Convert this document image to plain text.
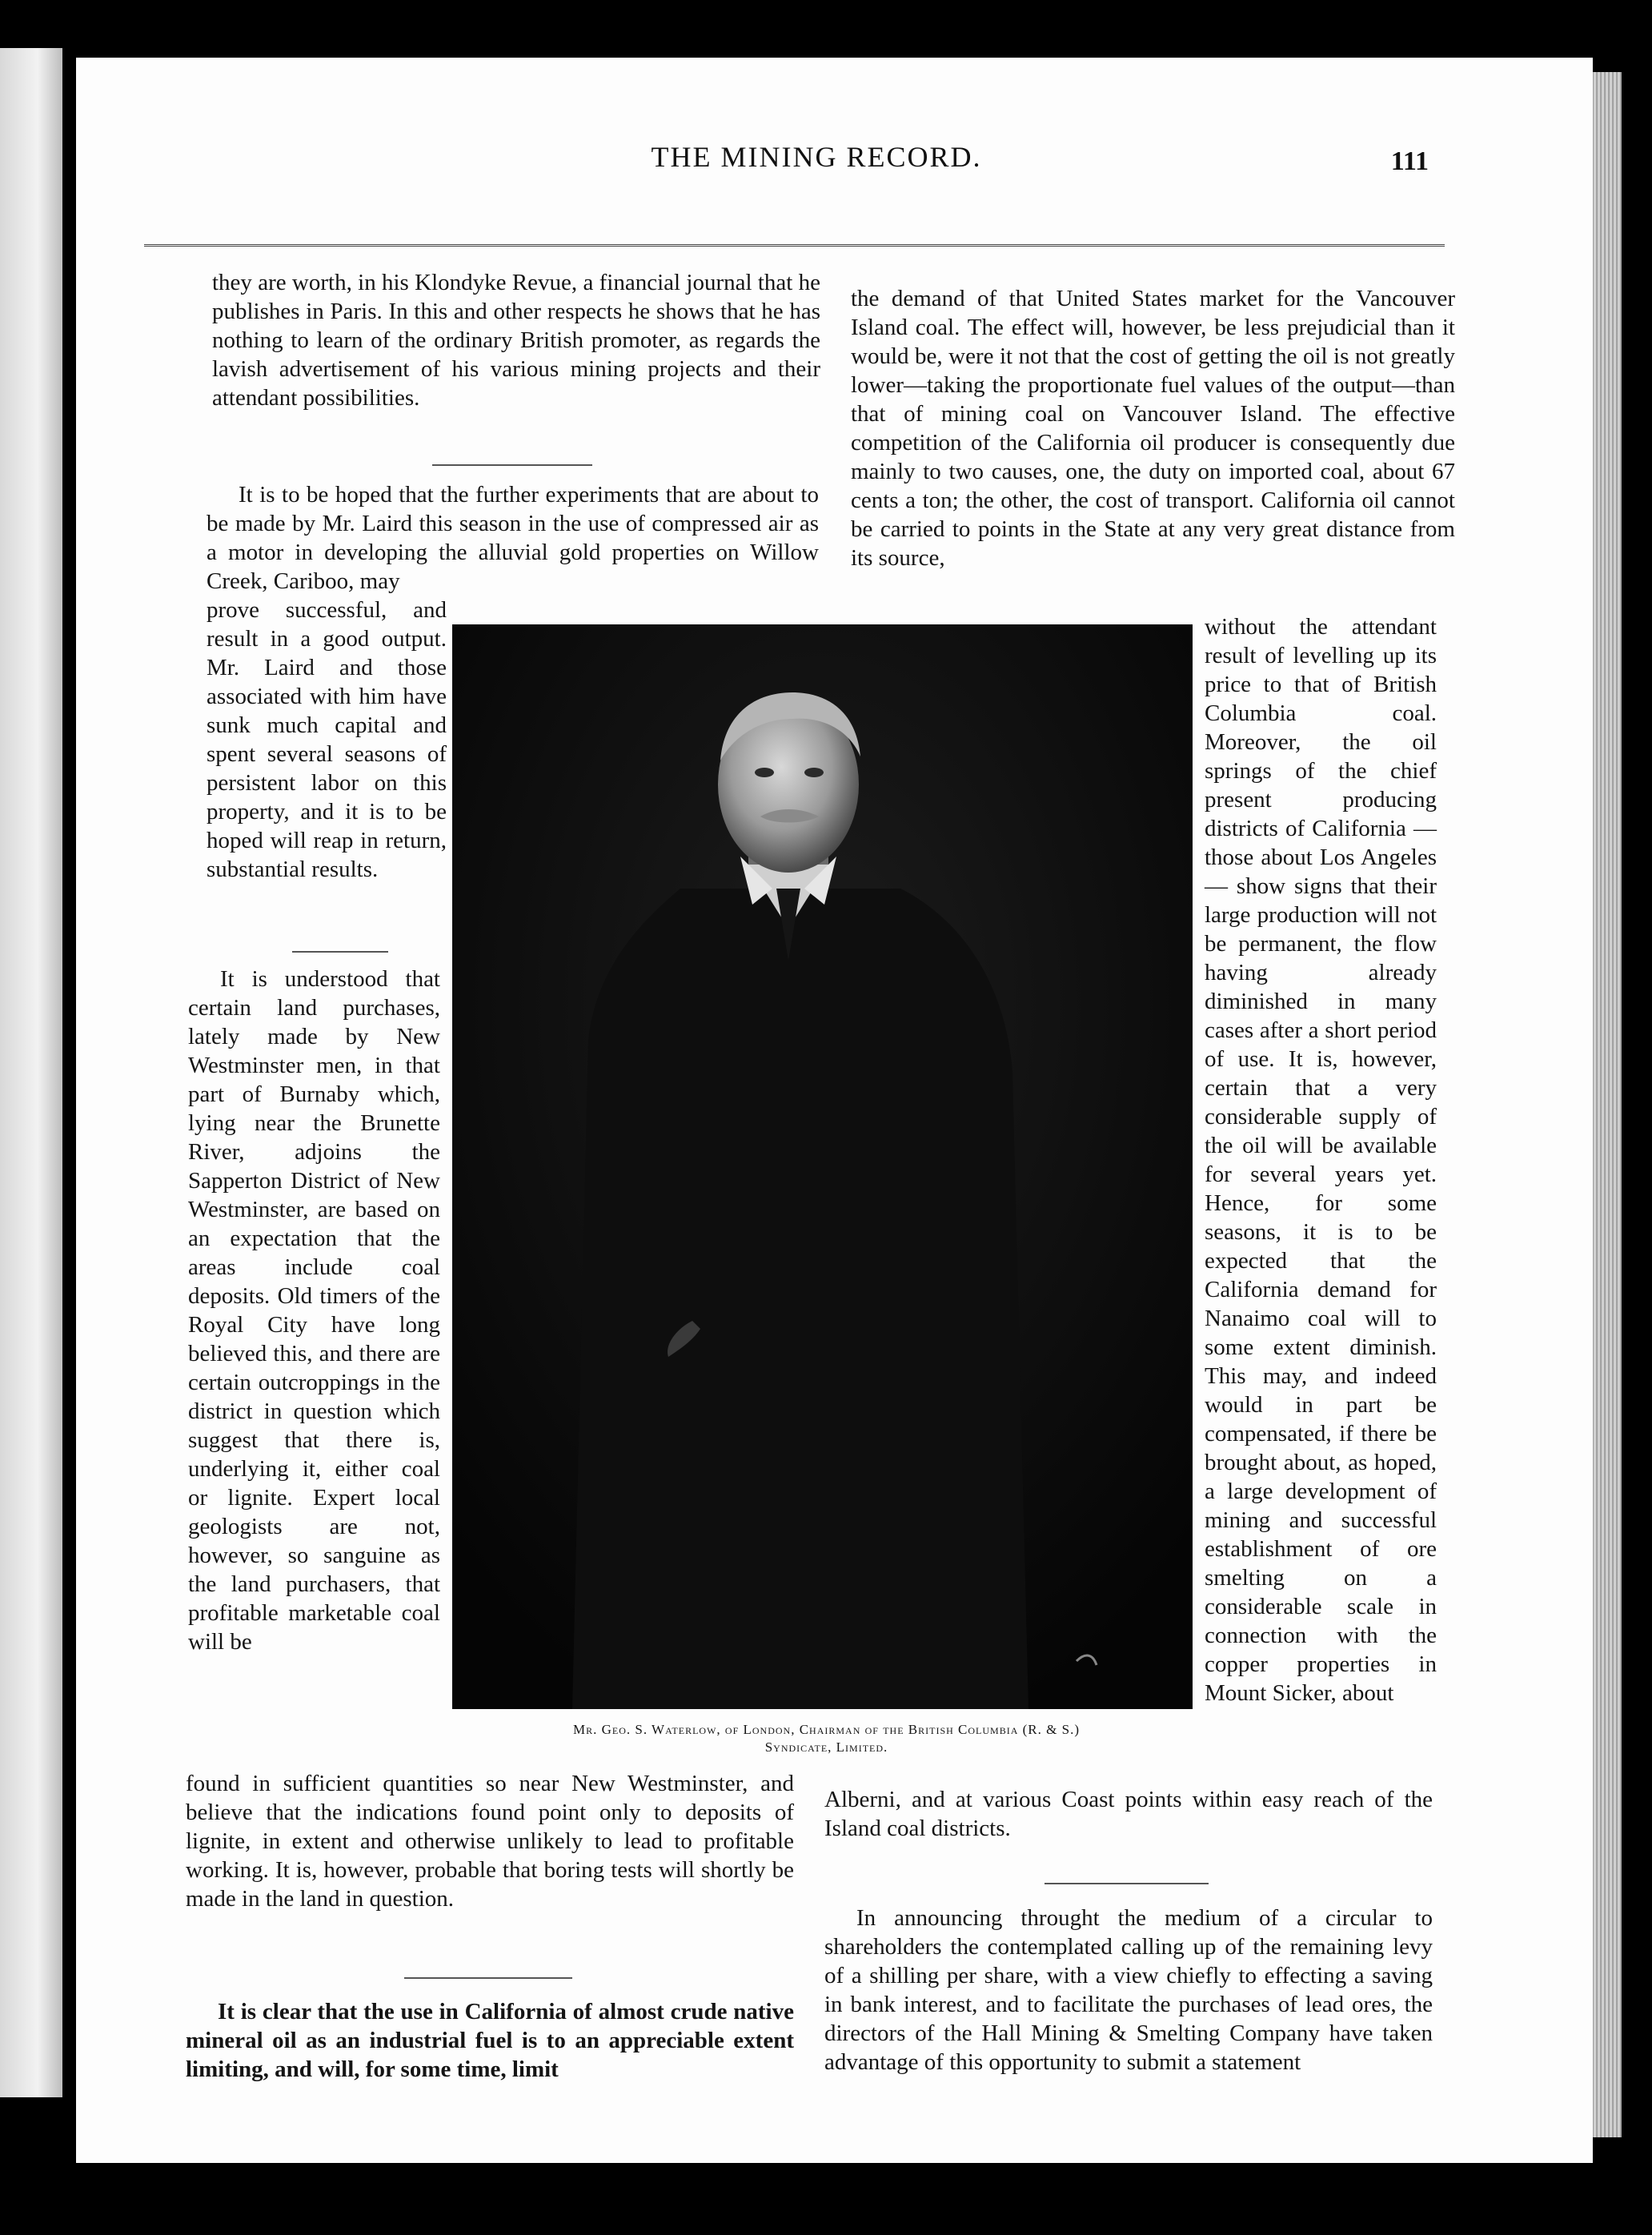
THE MINING RECORD.	111

they are worth, in his Klondyke Revue, a financial journal that he publishes in Paris. In this and other respects he shows that he has nothing to learn of the ordinary British promoter, as regards the lavish advertisement of his various mining projects and their attendant possibilities.

It is to be hoped that the further experiments that are about to be made by Mr. Laird this season in the use of compressed air as a motor in developing the alluvial gold properties on Willow Creek, Cariboo, may

prove successful, and result in a good output. Mr. Laird and those associated with him have sunk much capital and spent several seasons of persistent labor on this property, and it is to be hoped will reap in return, substantial results.

It is understood that certain land purchases, lately made by New Westminster men, in that part of Burnaby which, lying near the Brunette River, adjoins the Sapperton District of New Westminster, are based on an expectation that the areas include coal deposits. Old timers of the Royal City have long believed this, and there are certain outcroppings in the district in question which suggest that there is, underlying it, either coal or lignite. Expert local geologists are not, however, so sanguine as the land purchasers, that profitable marketable coal will be

found in sufficient quantities so near New Westminster, and believe that the indications found point only to deposits of lignite, in extent and otherwise unlikely to lead to profitable working. It is, however, probable that boring tests will shortly be made in the land in question.

It is clear that the use in California of almost crude native mineral oil as an industrial fuel is to an appreciable extent limiting, and will, for some time, limit

the demand of that United States market for the Vancouver Island coal. The effect will, however, be less prejudicial than it would be, were it not that the cost of getting the oil is not greatly lower—taking the proportionate fuel values of the output—than that of mining coal on Vancouver Island. The effective competition of the California oil producer is consequently due mainly to two causes, one, the duty on imported coal, about 67 cents a ton; the other, the cost of transport. California oil cannot be carried to points in the State at any very great distance from its source,

without the attendant result of levelling up its price to that of British Columbia coal. Moreover, the oil springs of the chief present producing districts of California — those about Los Angeles — show signs that their large production will not be permanent, the flow having already diminished in many cases after a short period of use. It is, however, certain that a very considerable supply of the oil will be available for several years yet. Hence, for some seasons, it is to be expected that the California demand for Nanaimo coal will to some extent diminish. This may, and indeed would in part be compensated, if there be brought about, as hoped, a large development of mining and successful establishment of ore smelting on a considerable scale in connection with the copper properties in Mount Sicker, about

Alberni, and at various Coast points within easy reach of the Island coal districts.

In announcing throught the medium of a circular to shareholders the contemplated calling up of the remaining levy of a shilling per share, with a view chiefly to effecting a saving in bank interest, and to facilitate the purchases of lead ores, the directors of the Hall Mining & Smelting Company have taken advantage of this opportunity to submit a statement

Mr. Geo. S. Waterlow, of London, Chairman of the British Columbia (R. & S.)
Syndicate, Limited.
